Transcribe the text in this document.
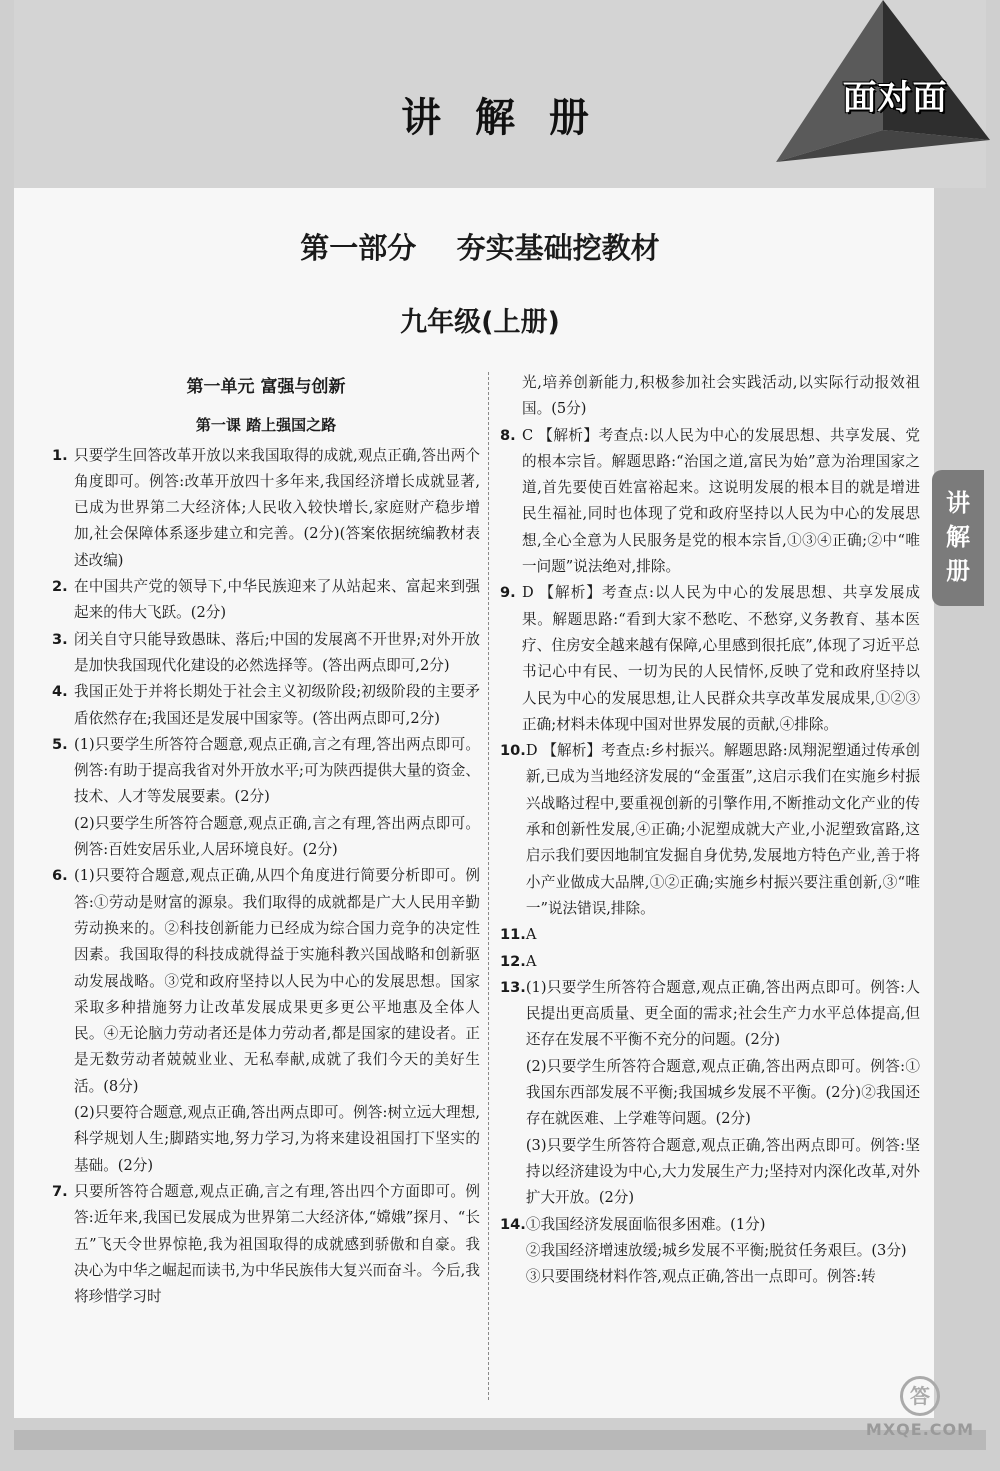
讲 解 册	面对面
讲解册
第一部分    夯实基础挖教材
九年级(上册)
第一单元 富强与创新
第一课 踏上强国之路
1. 只要学生回答改革开放以来我国取得的成就,观点正确,答出两个角度即可。例答:改革开放四十多年来,我国经济增长成就显著,已成为世界第二大经济体;人民收入较快增长,家庭财产稳步增加,社会保障体系逐步建立和完善。(2分)(答案依据统编教材表述改编)
2. 在中国共产党的领导下,中华民族迎来了从站起来、富起来到强起来的伟大飞跃。(2分)
3. 闭关自守只能导致愚昧、落后;中国的发展离不开世界;对外开放是加快我国现代化建设的必然选择等。(答出两点即可,2分)
4. 我国正处于并将长期处于社会主义初级阶段;初级阶段的主要矛盾依然存在;我国还是发展中国家等。(答出两点即可,2分)
5. (1)只要学生所答符合题意,观点正确,言之有理,答出两点即可。例答:有助于提高我省对外开放水平;可为陕西提供大量的资金、技术、人才等发展要素。(2分)
(2)只要学生所答符合题意,观点正确,言之有理,答出两点即可。例答:百姓安居乐业,人居环境良好。(2分)
6. (1)只要符合题意,观点正确,从四个角度进行简要分析即可。例答:①劳动是财富的源泉。我们取得的成就都是广大人民用辛勤劳动换来的。②科技创新能力已经成为综合国力竞争的决定性因素。我国取得的科技成就得益于实施科教兴国战略和创新驱动发展战略。③党和政府坚持以人民为中心的发展思想。国家采取多种措施努力让改革发展成果更多更公平地惠及全体人民。④无论脑力劳动者还是体力劳动者,都是国家的建设者。正是无数劳动者兢兢业业、无私奉献,成就了我们今天的美好生活。(8分)
(2)只要符合题意,观点正确,答出两点即可。例答:树立远大理想,科学规划人生;脚踏实地,努力学习,为将来建设祖国打下坚实的基础。(2分)
7. 只要所答符合题意,观点正确,言之有理,答出四个方面即可。例答:近年来,我国已发展成为世界第二大经济体,“嫦娥”探月、“长五”飞天令世界惊艳,我为祖国取得的成就感到骄傲和自豪。我决心为中华之崛起而读书,为中华民族伟大复兴而奋斗。今后,我将珍惜学习时
光,培养创新能力,积极参加社会实践活动,以实际行动报效祖国。(5分)
8. C 【解析】考查点:以人民为中心的发展思想、共享发展、党的根本宗旨。解题思路:“治国之道,富民为始”意为治理国家之道,首先要使百姓富裕起来。这说明发展的根本目的就是增进民生福祉,同时也体现了党和政府坚持以人民为中心的发展思想,全心全意为人民服务是党的根本宗旨,①③④正确;②中“唯一问题”说法绝对,排除。
9. D 【解析】考查点:以人民为中心的发展思想、共享发展成果。解题思路:“看到大家不愁吃、不愁穿,义务教育、基本医疗、住房安全越来越有保障,心里感到很托底”,体现了习近平总书记心中有民、一切为民的人民情怀,反映了党和政府坚持以人民为中心的发展思想,让人民群众共享改革发展成果,①②③正确;材料未体现中国对世界发展的贡献,④排除。
10. D 【解析】考查点:乡村振兴。解题思路:凤翔泥塑通过传承创新,已成为当地经济发展的“金蛋蛋”,这启示我们在实施乡村振兴战略过程中,要重视创新的引擎作用,不断推动文化产业的传承和创新性发展,④正确;小泥塑成就大产业,小泥塑致富路,这启示我们要因地制宜发掘自身优势,发展地方特色产业,善于将小产业做成大品牌,①②正确;实施乡村振兴要注重创新,③“唯一”说法错误,排除。
11. A
12. A
13. (1)只要学生所答符合题意,观点正确,答出两点即可。例答:人民提出更高质量、更全面的需求;社会生产力水平总体提高,但还存在发展不平衡不充分的问题。(2分)
(2)只要学生所答符合题意,观点正确,答出两点即可。例答:①我国东西部发展不平衡;我国城乡发展不平衡。(2分)②我国还存在就医难、上学难等问题。(2分)
(3)只要学生所答符合题意,观点正确,答出两点即可。例答:坚持以经济建设为中心,大力发展生产力;坚持对内深化改革,对外扩大开放。(2分)
14. ①我国经济发展面临很多困难。(1分)
②我国经济增速放缓;城乡发展不平衡;脱贫任务艰巨。(3分)
③只要围绕材料作答,观点正确,答出一点即可。例答:转
答
MXQE.COM
